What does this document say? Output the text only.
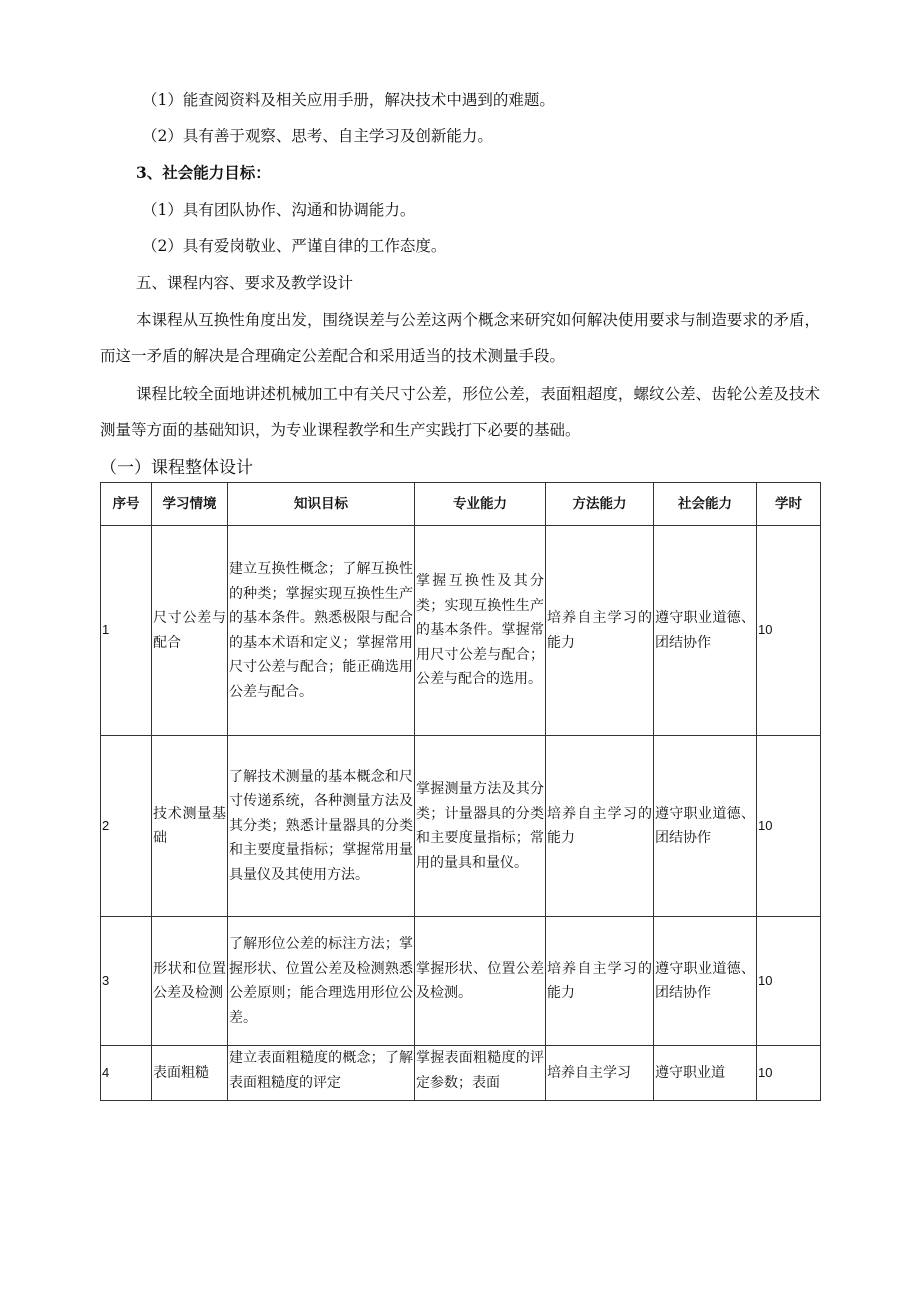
（1）能查阅资料及相关应用手册，解决技术中遇到的难题。
（2）具有善于观察、思考、自主学习及创新能力。
3、社会能力目标：
（1）具有团队协作、沟通和协调能力。
（2）具有爱岗敬业、严谨自律的工作态度。
五、课程内容、要求及教学设计
本课程从互换性角度出发，围绕误差与公差这两个概念来研究如何解决使用要求与制造要求的矛盾，而这一矛盾的解决是合理确定公差配合和采用适当的技术测量手段。
课程比较全面地讲述机械加工中有关尺寸公差，形位公差，表面粗超度，螺纹公差、齿轮公差及技术测量等方面的基础知识，为专业课程教学和生产实践打下必要的基础。
（一）课程整体设计
序号	学习情境	知识目标	专业能力	方法能力	社会能力	学时
1	尺寸公差与配合	建立互换性概念；了解互换性的种类；掌握实现互换性生产的基本条件。熟悉极限与配合的基本术语和定义；掌握常用尺寸公差与配合；能正确选用公差与配合。	掌握互换性及其分类；实现互换性生产的基本条件。掌握常用尺寸公差与配合；公差与配合的选用。	培养自主学习的能力	遵守职业道德、团结协作	10
2	技术测量基础	了解技术测量的基本概念和尺寸传递系统，各种测量方法及其分类；熟悉计量器具的分类和主要度量指标；掌握常用量具量仪及其使用方法。	掌握测量方法及其分类；计量器具的分类和主要度量指标；常用的量具和量仪。	培养自主学习的能力	遵守职业道德、团结协作	10
3	形状和位置公差及检测	了解形位公差的标注方法；掌握形状、位置公差及检测熟悉公差原则；能合理选用形位公差。	掌握形状、位置公差及检测。	培养自主学习的能力	遵守职业道德、团结协作	10
4	表面粗糙	建立表面粗糙度的概念；了解表面粗糙度的评定	掌握表面粗糙度的评定参数；表面	培养自主学习	遵守职业道	10
